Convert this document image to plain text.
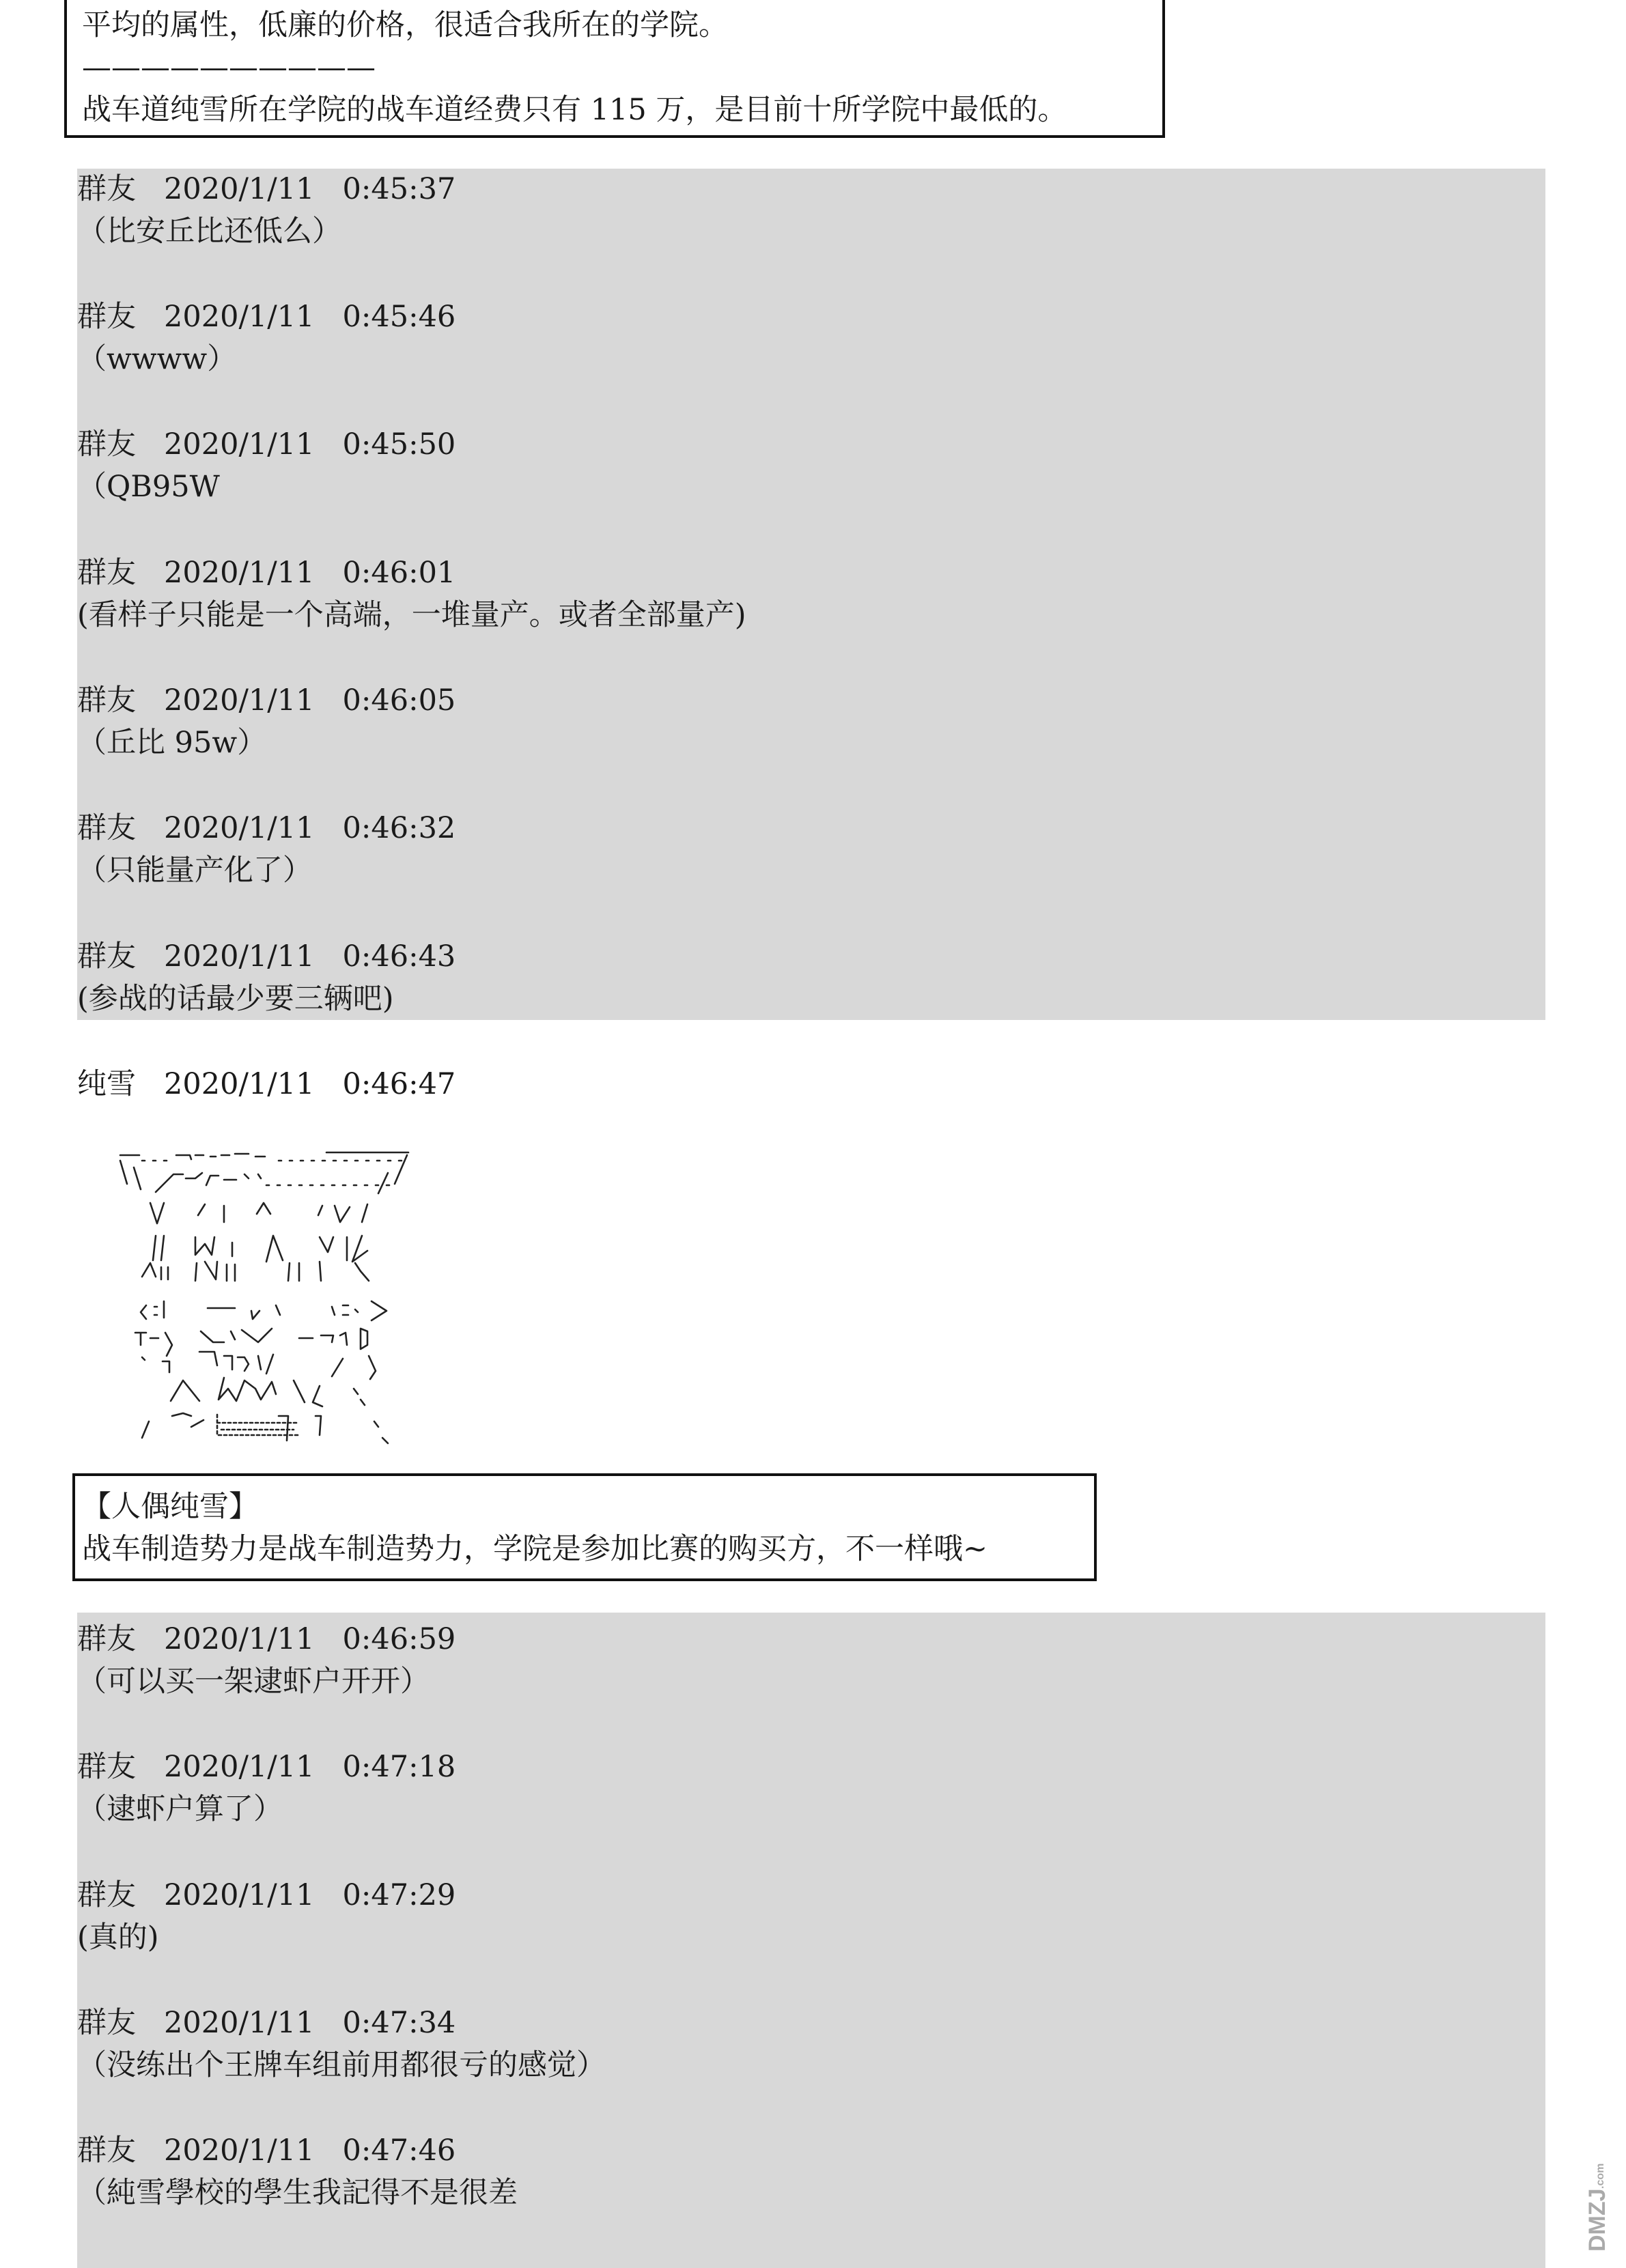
平均的属性，低廉的价格，很适合我所在的学院。
——————————
战车道纯雪所在学院的战车道经费只有 115 万，是目前十所学院中最低的。
群友 2020/1/11 0:45:37
（比安丘比还低么）
群友 2020/1/11 0:45:46
（wwww）
群友 2020/1/11 0:45:50
（QB95W
群友 2020/1/11 0:46:01
(看样子只能是一个高端，一堆量产。或者全部量产)
群友 2020/1/11 0:46:05
（丘比 95w）
群友 2020/1/11 0:46:32
（只能量产化了）
群友 2020/1/11 0:46:43
(参战的话最少要三辆吧)
纯雪 2020/1/11 0:46:47
【人偶纯雪】
战车制造势力是战车制造势力，学院是参加比赛的购买方，不一样哦~
群友 2020/1/11 0:46:59
（可以买一架逮虾户开开）
群友 2020/1/11 0:47:18
（逮虾户算了）
群友 2020/1/11 0:47:29
(真的)
群友 2020/1/11 0:47:34
（没练出个王牌车组前用都很亏的感觉）
群友 2020/1/11 0:47:46
（純雪學校的學生我記得不是很差	DMZJ
.com
